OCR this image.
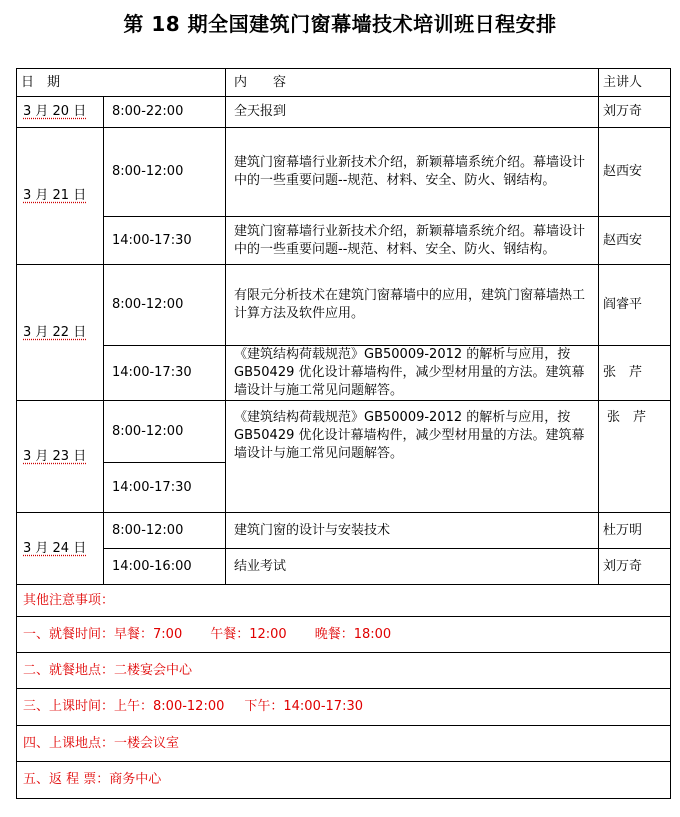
第 18 期全国建筑门窗幕墙技术培训班日程安排
日　期		内　　容	主讲人
3 月 20 日	8:00-22:00	全天报到	刘万奇
3 月 21 日	8:00-12:00	建筑门窗幕墙行业新技术介绍，新颖幕墙系统介绍。幕墙设计中的一些重要问题--规范、材料、安全、防火、钢结构。	赵西安
	14:00-17:30	建筑门窗幕墙行业新技术介绍，新颖幕墙系统介绍。幕墙设计中的一些重要问题--规范、材料、安全、防火、钢结构。	赵西安
3 月 22 日	8:00-12:00	有限元分析技术在建筑门窗幕墙中的应用，建筑门窗幕墙热工计算方法及软件应用。	阎睿平
	14:00-17:30	《建筑结构荷载规范》GB50009-2012 的解析与应用，按 GB50429 优化设计幕墙构件，减少型材用量的方法。建筑幕墙设计与施工常见问题解答。	张　芹
3 月 23 日	8:00-12:00	《建筑结构荷载规范》GB50009-2012 的解析与应用，按 GB50429 优化设计幕墙构件，减少型材用量的方法。建筑幕墙设计与施工常见问题解答。	张　芹
	14:00-17:30		
3 月 24 日	8:00-12:00	建筑门窗的设计与安装技术	杜万明
	14:00-16:00	结业考试	刘万奇
其他注意事项：			
一、就餐时间：早餐：7:00 午餐：12:00 晚餐：18:00			
二、就餐地点：二楼宴会中心			
三、上课时间：上午：8:00-12:00 下午：14:00-17:30			
四、上课地点：一楼会议室			
五、返 程 票：商务中心			
